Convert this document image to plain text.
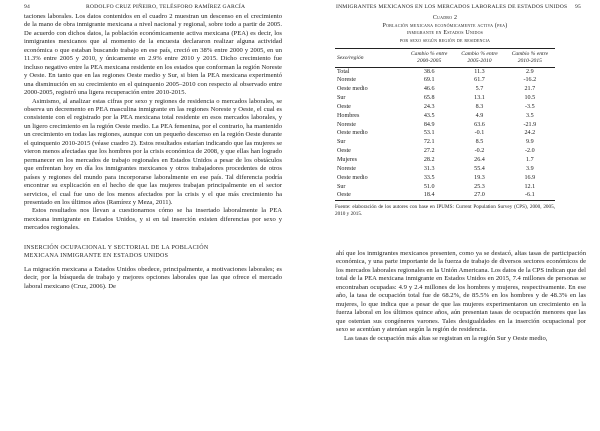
94	RODOLFO CRUZ PIÑEIRO, TELÉSFORO RAMÍREZ GARCÍA

taciones laborales. Los datos contenidos en el cuadro 2 muestran un descenso en el crecimiento de la mano de obra inmigrante mexicana a nivel nacional y regional, sobre todo a partir de 2005. De acuerdo con dichos datos, la población económicamente activa mexicana (PEA) es decir, los inmigrantes mexicanos que al momento de la encuesta declararon realizar alguna actividad económica o que estaban buscando trabajo en ese país, creció en 38% entre 2000 y 2005, en un 11.3% entre 2005 y 2010, y únicamente en 2.9% entre 2010 y 2015. Dicho crecimiento fue incluso negativo entre la PEA mexicana residente en los estados que conforman la región Noreste y Oeste. En tanto que en las regiones Oeste medio y Sur, si bien la PEA mexicana experimentó una disminución en su crecimiento en el quinquenio 2005–2010 con respecto al observado entre 2000-2005, registró una ligera recuperación entre 2010-2015.

Asimismo, al analizar estas cifras por sexo y regiones de residencia o mercados laborales, se observa un decremento en PEA masculina inmigrante en las regiones Noreste y Oeste, el cual es consistente con el registrado por la PEA mexicana total residente en esos mercados laborales, y un ligero crecimiento en la región Oeste medio. La PEA femenina, por el contrario, ha mantenido un crecimiento en todas las regiones, aunque con un pequeño descenso en la región Oeste durante el quinquenio 2010-2015 (véase cuadro 2). Estos resultados estarían indicando que las mujeres se vieron menos afectadas que los hombres por la crisis económica de 2008, y que ellas han logrado permanecer en los mercados de trabajo regionales en Estados Unidos a pesar de los obstáculos que enfrentan hoy en día los inmigrantes mexicanos y otros trabajadores procedentes de otros países y regiones del mundo para incorporarse laboralmente en ese país. Tal diferencia podría encontrar su explicación en el hecho de que las mujeres trabajan principalmente en el sector servicios, el cual fue uno de los menos afectados por la crisis y el que más crecimiento ha presentado en los últimos años (Ramírez y Meza, 2011).

Estos resultados nos llevan a cuestionarnos cómo se ha insertado laboralmente la PEA mexicana inmigrante en Estados Unidos, y si en tal inserción existen diferencias por sexo y mercados regionales.

INSERCIÓN OCUPACIONAL Y SECTORIAL DE LA POBLACIÓN
MEXICANA INMIGRANTE EN ESTADOS UNIDOS

La migración mexicana a Estados Unidos obedece, principalmente, a motivaciones laborales; es decir, por la búsqueda de trabajo y mejores opciones laborales que las que ofrece el mercado laboral mexicano (Cruz, 2006). De

INMIGRANTES MEXICANOS EN LOS MERCADOS LABORALES DE ESTADOS UNIDOS 95
Cuadro 2
Población mexicana económicamente activa (pea)
inmigrante en Estados Unidos
por sexo según región de residencia
Sexo/región	Cambio % entre 2000-2005	Cambio % entre 2005-2010	Cambio % entre 2010-2015
Total	38.6	11.3	2.9
Noreste	69.1	61.7	-16.2
Oeste medio	46.6	5.7	21.7
Sur	65.8	13.1	10.5
Oeste	24.3	8.3	-3.5
Hombres	43.5	4.9	3.5
Noreste	84.9	63.6	-21.9
Oeste medio	53.1	-0.1	24.2
Sur	72.1	8.5	9.9
Oeste	27.2	-0.2	-2.0
Mujeres	28.2	26.4	1.7
Noreste	31.3	55.4	3.9
Oeste medio	33.5	19.3	16.9
Sur	51.0	25.3	12.1
Oeste	18.4	27.0	-6.1
Fuente: elaboración de los autores con base en IPUMS: Current Population Survey (CPS), 2000, 2005, 2010 y 2015.

ahí que los inmigrantes mexicanos presenten, como ya se destacó, altas tasas de participación económica, y una parte importante de la fuerza de trabajo de diversos sectores económicos de los mercados laborales regionales en la Unión Americana. Los datos de la CPS indican que del total de la PEA mexicana inmigrante en Estados Unidos en 2015, 7.4 millones de personas se encontraban ocupadas: 4.9 y 2.4 millones de los hombres y mujeres, respectivamente. En ese año, la tasa de ocupación total fue de 68.2%, de 85.5% en los hombres y de 48.3% en las mujeres, lo que indica que a pesar de que las mujeres experimentaron un crecimiento en la fuerza laboral en los últimos quince años, aún presentan tasas de ocupación menores que las que ostentan sus congéneres varones. Tales desigualdades en la inserción ocupacional por sexo se acentúan y atenúan según la región de residencia.

Las tasas de ocupación más altas se registran en la región Sur y Oeste medio,
